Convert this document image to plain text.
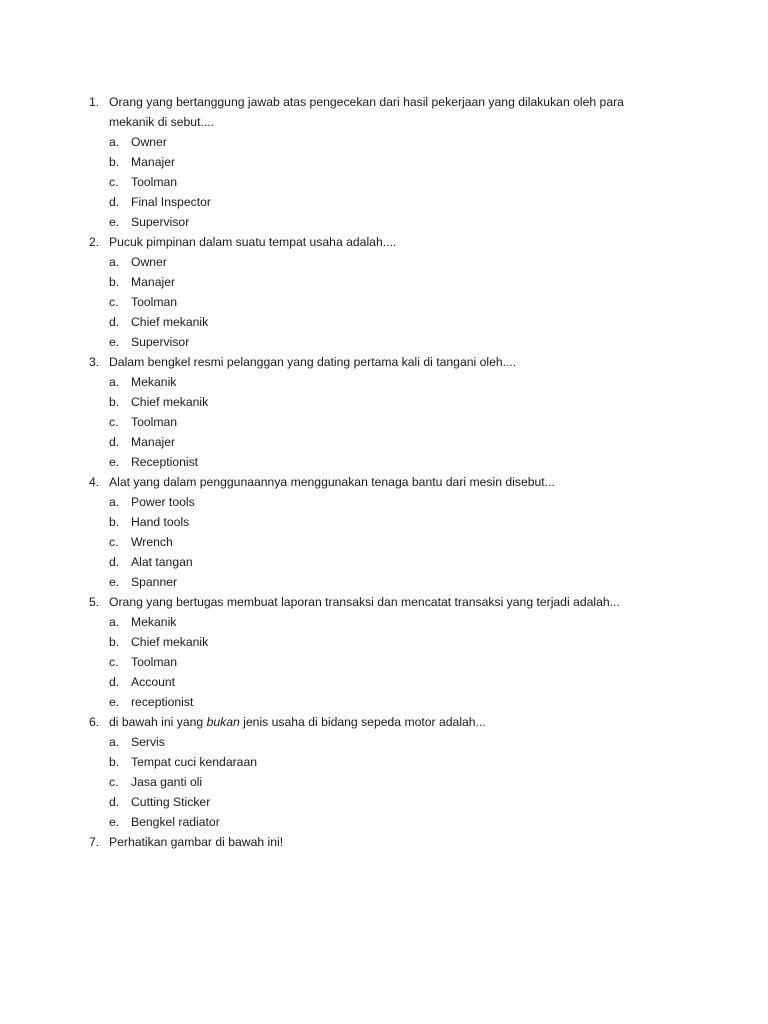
1. Orang yang bertanggung jawab atas pengecekan dari hasil pekerjaan yang dilakukan oleh para
mekanik di sebut....
a. Owner
b. Manajer
c. Toolman
d. Final Inspector
e. Supervisor
2. Pucuk pimpinan dalam suatu tempat usaha adalah....
a. Owner
b. Manajer
c. Toolman
d. Chief mekanik
e. Supervisor
3. Dalam bengkel resmi pelanggan yang dating pertama kali di tangani oleh....
a. Mekanik
b. Chief mekanik
c. Toolman
d. Manajer
e. Receptionist
4. Alat yang dalam penggunaannya menggunakan tenaga bantu dari mesin disebut...
a. Power tools
b. Hand tools
c. Wrench
d. Alat tangan
e. Spanner
5. Orang yang bertugas membuat laporan transaksi dan mencatat transaksi yang terjadi adalah...
a. Mekanik
b. Chief mekanik
c. Toolman
d. Account
e. receptionist
6. di bawah ini yang bukan jenis usaha di bidang sepeda motor adalah...
a. Servis
b. Tempat cuci kendaraan
c. Jasa ganti oli
d. Cutting Sticker
e. Bengkel radiator
7. Perhatikan gambar di bawah ini!
